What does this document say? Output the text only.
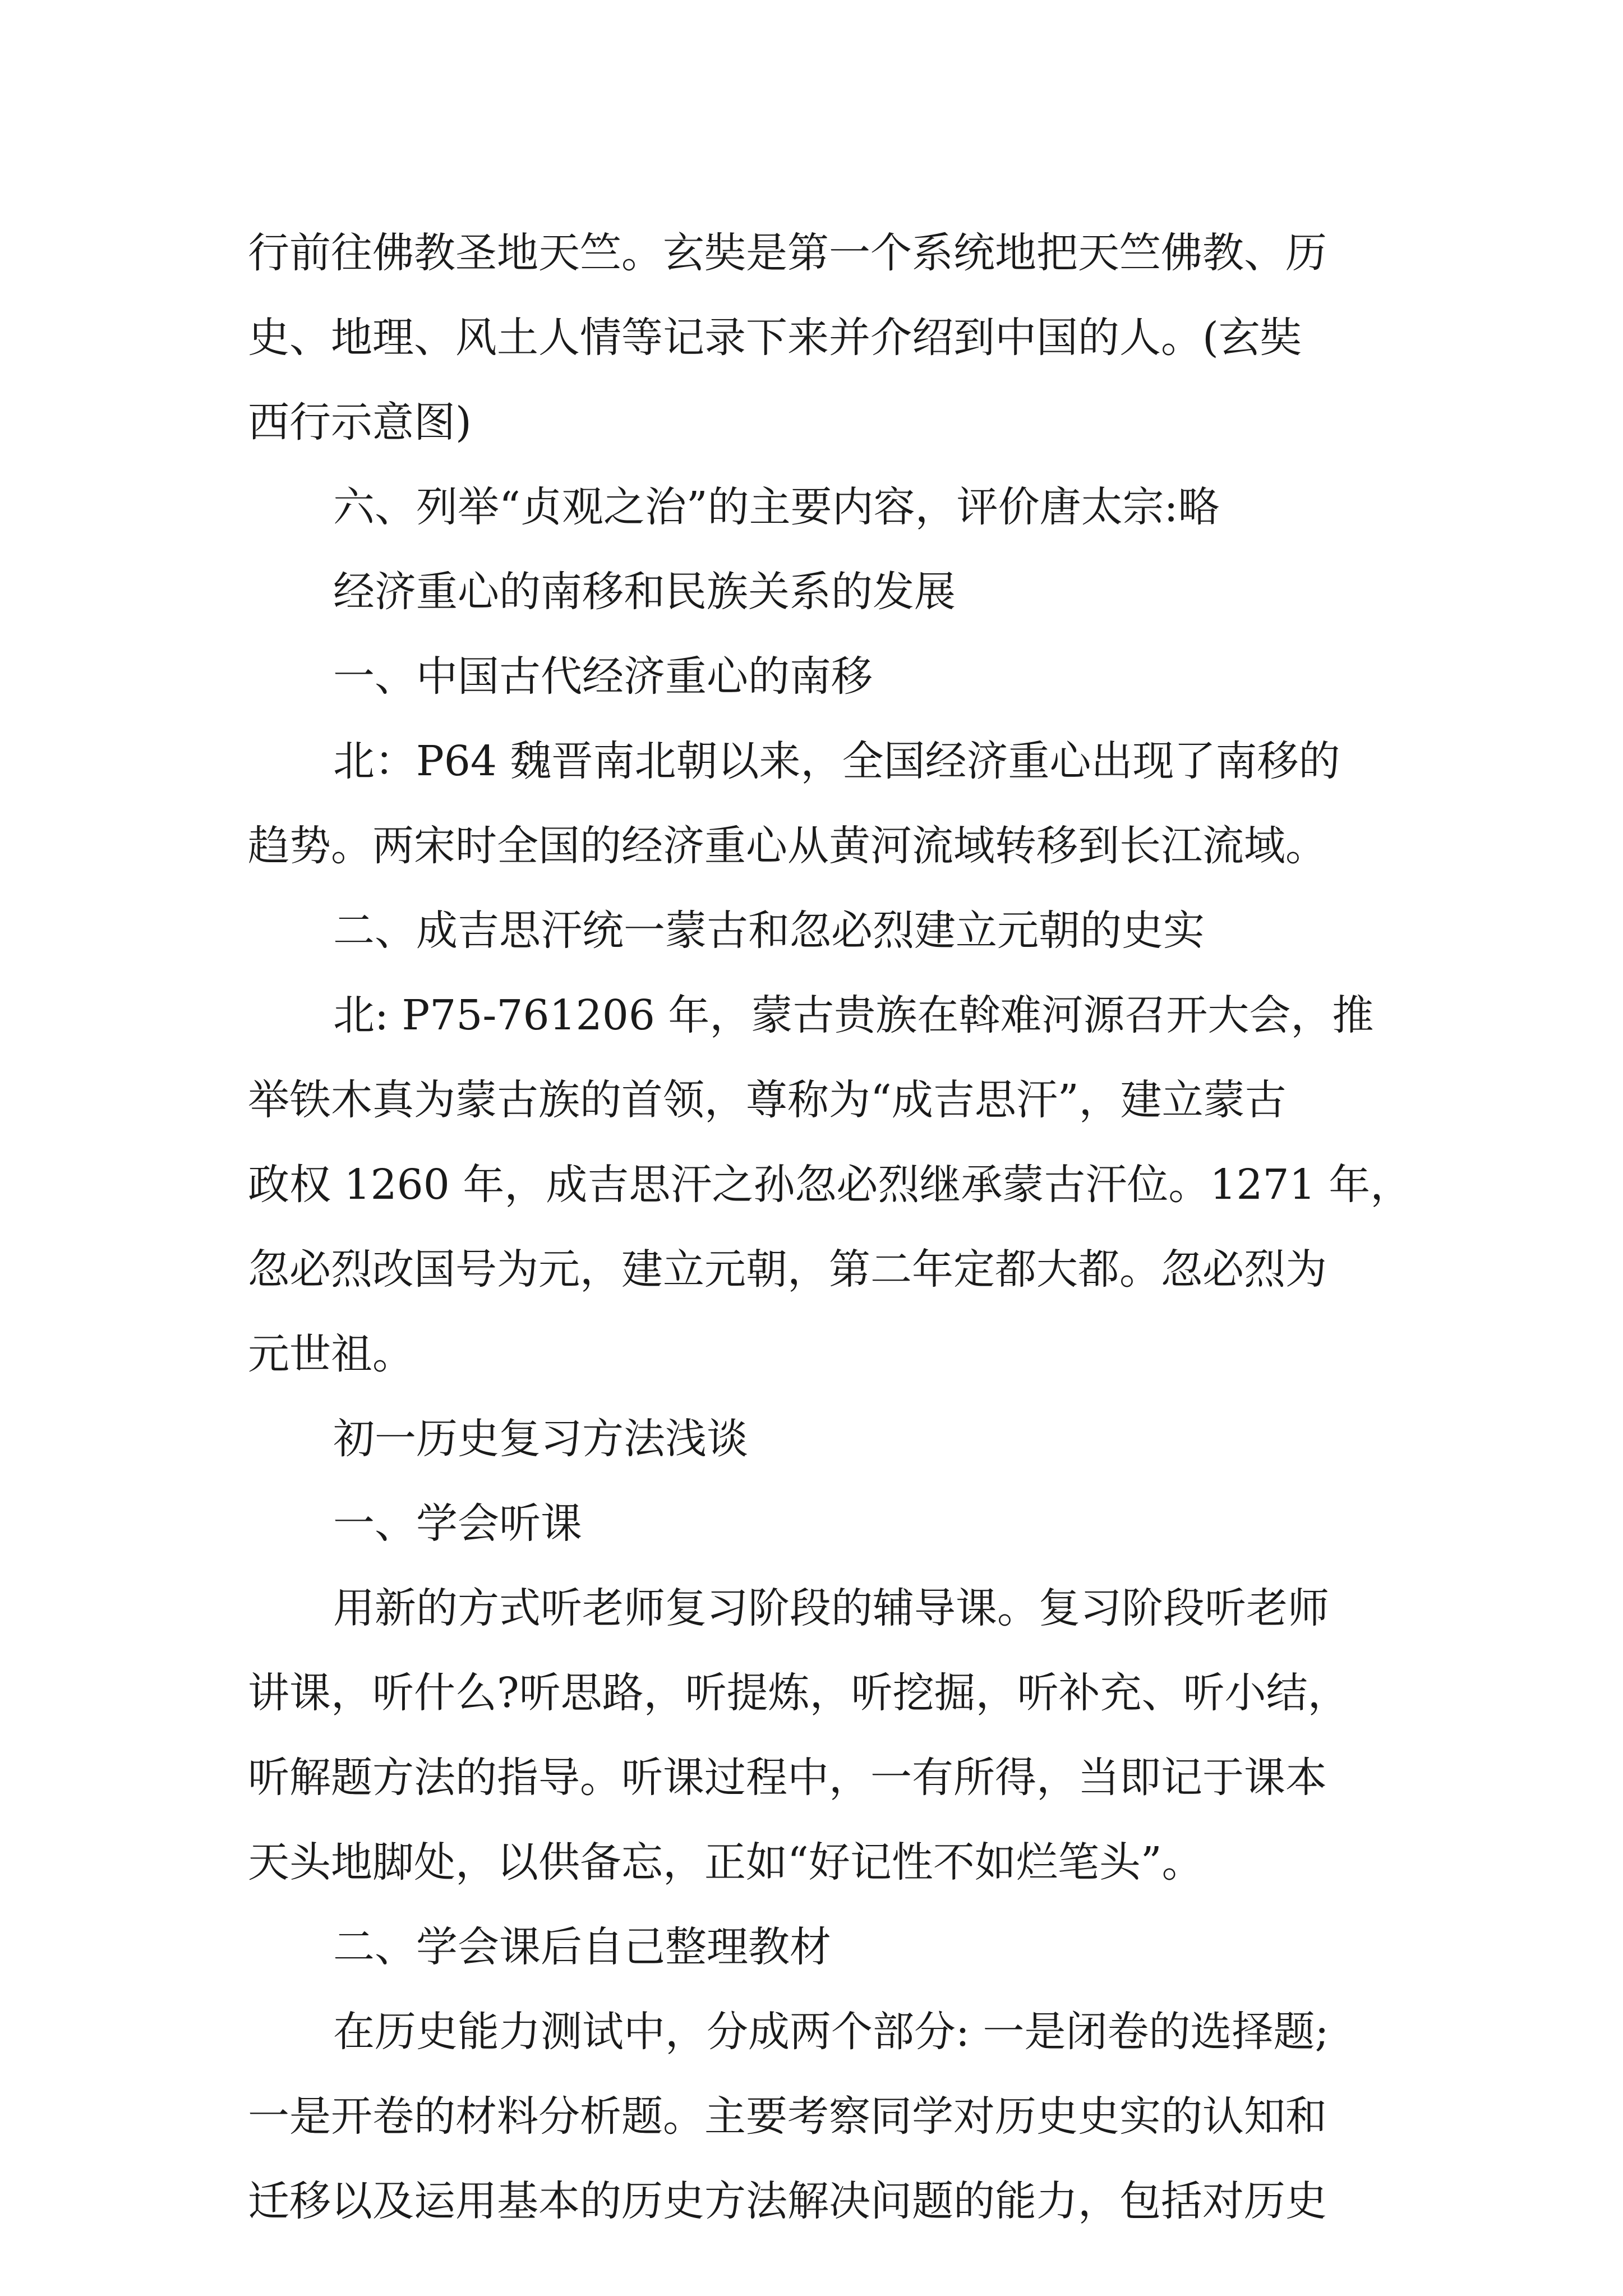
行前往佛教圣地天竺。玄奘是第一个系统地把天竺佛教、历

史、地理、风土人情等记录下来并介绍到中国的人。(玄奘

西行示意图)

六、列举“贞观之治”的主要内容，评价唐太宗:略

经济重心的南移和民族关系的发展

一、中国古代经济重心的南移

北：P64 魏晋南北朝以来，全国经济重心出现了南移的

趋势。两宋时全国的经济重心从黄河流域转移到长江流域。

二、成吉思汗统一蒙古和忽必烈建立元朝的史实

北: P75-761206 年，蒙古贵族在斡难河源召开大会，推

举铁木真为蒙古族的首领，尊称为“成吉思汗”，建立蒙古

政权 1260 年，成吉思汗之孙忽必烈继承蒙古汗位。1271 年，

忽必烈改国号为元，建立元朝，第二年定都大都。忽必烈为

元世祖。

初一历史复习方法浅谈

一、学会听课

用新的方式听老师复习阶段的辅导课。复习阶段听老师

讲课，听什么?听思路，听提炼，听挖掘，听补充、听小结，

听解题方法的指导。听课过程中，一有所得，当即记于课本

天头地脚处，以供备忘，正如“好记性不如烂笔头”。

二、学会课后自己整理教材

在历史能力测试中，分成两个部分: 一是闭卷的选择题;

一是开卷的材料分析题。主要考察同学对历史史实的认知和

迁移以及运用基本的历史方法解决问题的能力，包括对历史
